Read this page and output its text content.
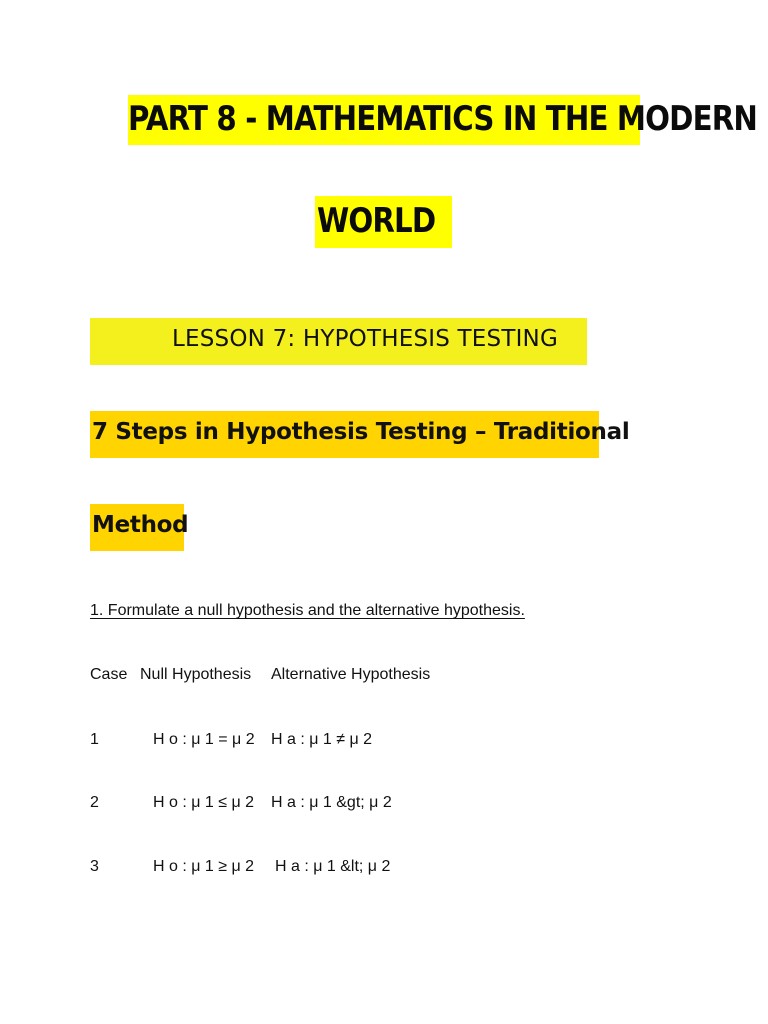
PART 8 - MATHEMATICS IN THE MODERN
WORLD
LESSON 7: HYPOTHESIS TESTING
7 Steps in Hypothesis Testing – Traditional
Method
1. Formulate a null hypothesis and the alternative hypothesis.
Case Null Hypothesis Alternative Hypothesis
1	H o : μ 1 = μ 2 H a : μ 1 ≠ μ 2
2	H o : μ 1 ≤ μ 2 H a : μ 1 &gt; μ 2
3	H o : μ 1 ≥ μ 2 H a : μ 1 &lt; μ 2
